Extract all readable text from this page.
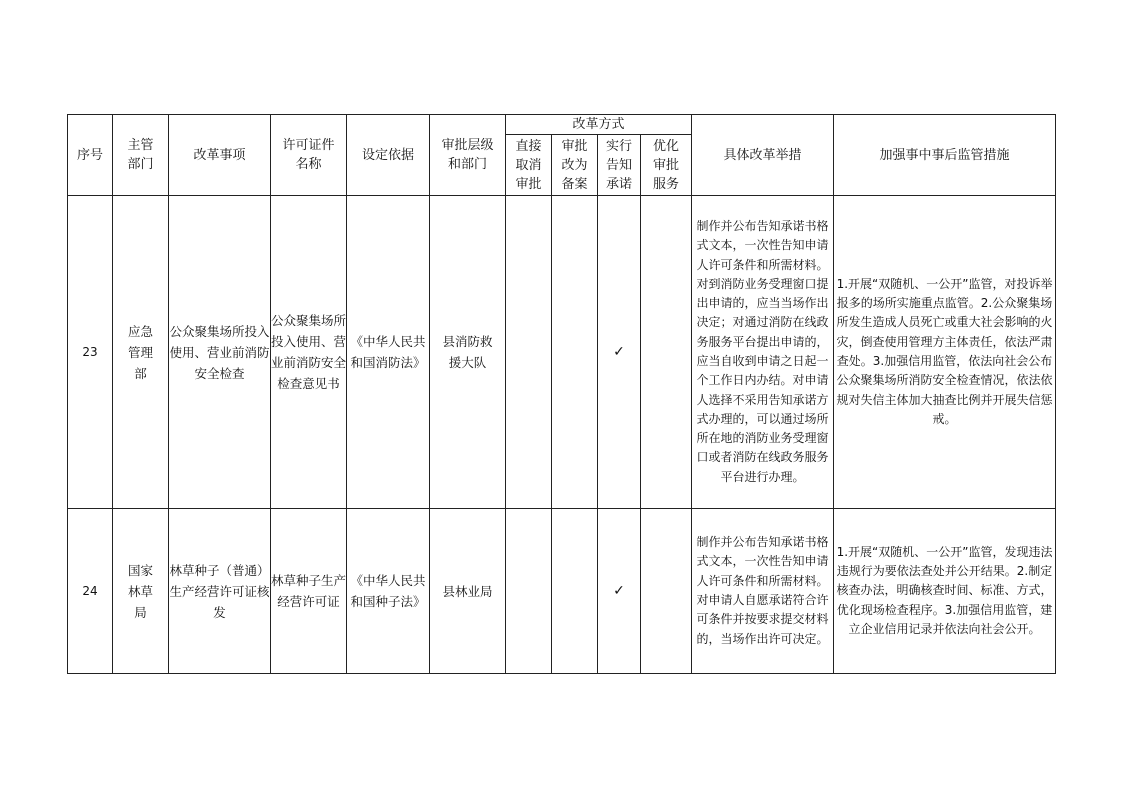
序号	主管部门	改革事项	许可证件名称	设定依据	审批层级和部门	改革方式				具体改革举措	加强事中事后监管措施
						直接取消审批	审批改为备案	实行告知承诺	优化审批服务		
23	应急管理部	公众聚集场所投入使用、营业前消防安全检查	公众聚集场所投入使用、营业前消防安全检查意见书	《中华人民共和国消防法》	县消防救援大队			✓		制作并公布告知承诺书格式文本，一次性告知申请人许可条件和所需材料。对到消防业务受理窗口提出申请的，应当当场作出决定；对通过消防在线政务服务平台提出申请的，应当自收到申请之日起一个工作日内办结。对申请人选择不采用告知承诺方式办理的，可以通过场所所在地的消防业务受理窗口或者消防在线政务服务平台进行办理。	1.开展“双随机、一公开”监管，对投诉举报多的场所实施重点监管。2.公众聚集场所发生造成人员死亡或重大社会影响的火灾，倒查使用管理方主体责任，依法严肃查处。3.加强信用监管，依法向社会公布公众聚集场所消防安全检查情况，依法依规对失信主体加大抽查比例并开展失信惩戒。
24	国家林草局	林草种子（普通）生产经营许可证核发	林草种子生产经营许可证	《中华人民共和国种子法》	县林业局			✓		制作并公布告知承诺书格式文本，一次性告知申请人许可条件和所需材料。对申请人自愿承诺符合许可条件并按要求提交材料的，当场作出许可决定。	1.开展“双随机、一公开”监管，发现违法违规行为要依法查处并公开结果。2.制定核查办法，明确核查时间、标准、方式，优化现场检查程序。3.加强信用监管，建立企业信用记录并依法向社会公开。
